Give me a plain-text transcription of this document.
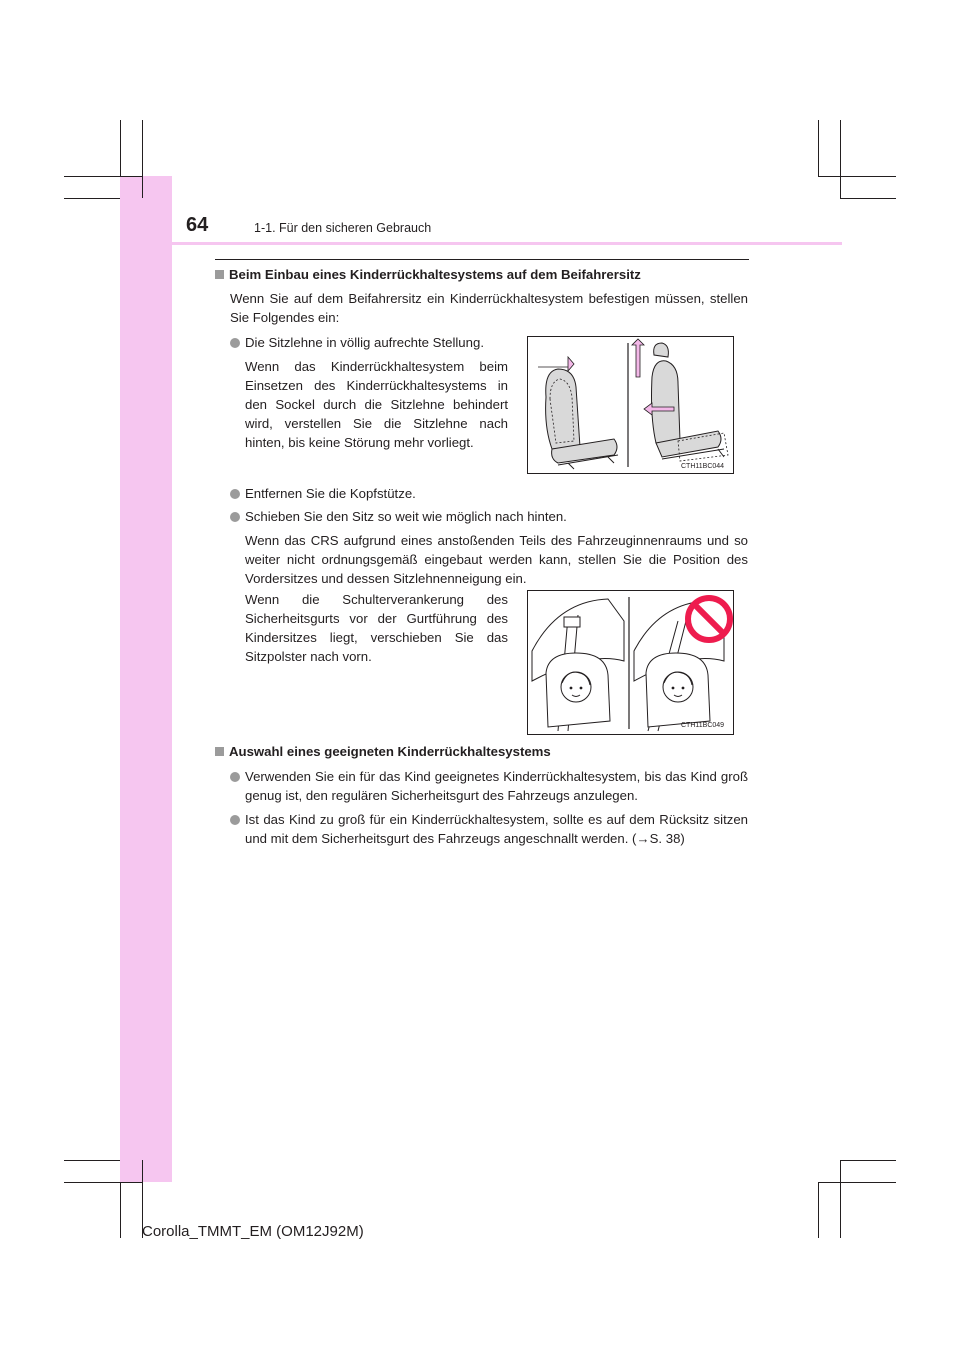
64	1-1. Für den sicheren Gebrauch
Beim Einbau eines Kinderrückhaltesystems auf dem Beifahrersitz
Wenn Sie auf dem Beifahrersitz ein Kinderrückhaltesystem befestigen müssen, stellen Sie Folgendes ein:
Die Sitzlehne in völlig aufrechte Stellung.
Wenn das Kinderrückhaltesystem beim Einsetzen des Kinderrückhaltesystems in den Sockel durch die Sitzlehne behindert wird, verstellen Sie die Sitzlehne nach hinten, bis keine Störung mehr vorliegt.
CTH11BC044
Entfernen Sie die Kopfstütze.
Schieben Sie den Sitz so weit wie möglich nach hinten.
Wenn das CRS aufgrund eines anstoßenden Teils des Fahrzeuginnenraums und so weiter nicht ordnungsgemäß eingebaut werden kann, stellen Sie die Position des Vordersitzes und dessen Sitzlehnenneigung ein.
Wenn die Schulterverankerung des Sicherheitsgurts vor der Gurtführung des Kindersitzes liegt, verschieben Sie das Sitzpolster nach vorn.
CTH11BC049
Auswahl eines geeigneten Kinderrückhaltesystems
Verwenden Sie ein für das Kind geeignetes Kinderrückhaltesystem, bis das Kind groß genug ist, den regulären Sicherheitsgurt des Fahrzeugs anzulegen.
Ist das Kind zu groß für ein Kinderrückhaltesystem, sollte es auf dem Rücksitz sitzen und mit dem Sicherheitsgurt des Fahrzeugs angeschnallt werden. (→S. 38)
Corolla_TMMT_EM (OM12J92M)
